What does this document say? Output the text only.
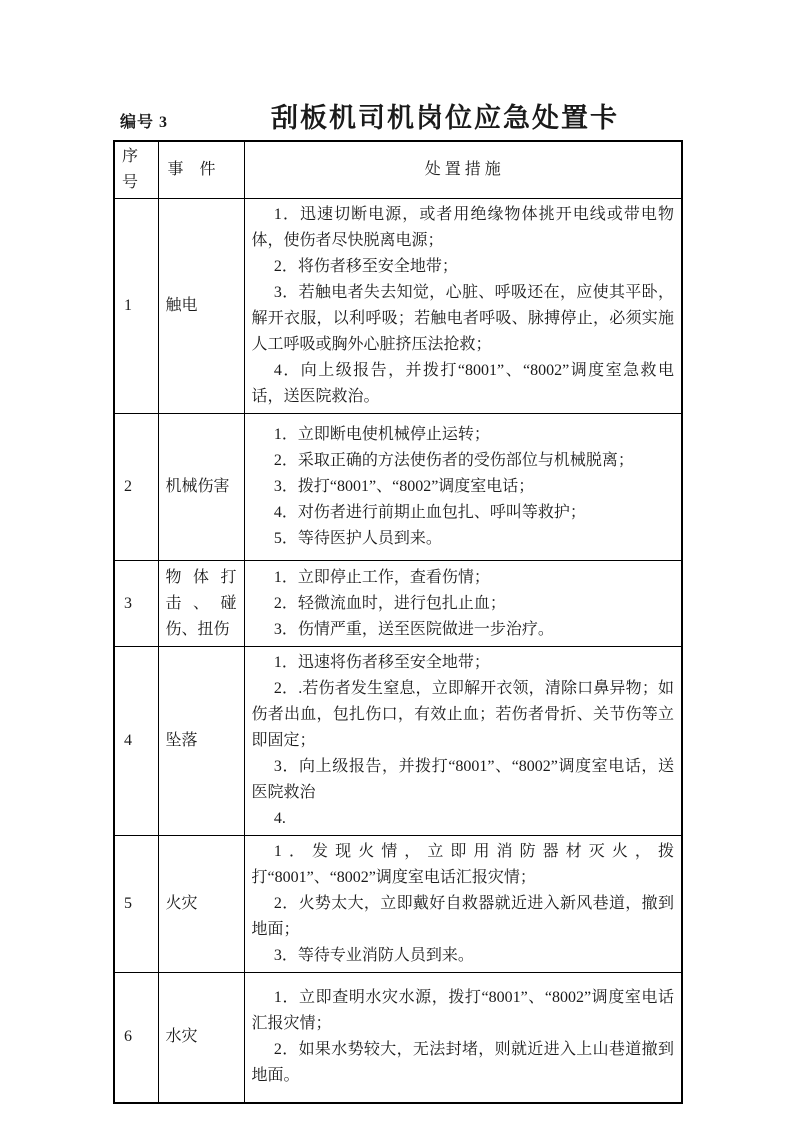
编号 3	刮板机司机岗位应急处置卡
序号	事　件	处 置 措 施
1	触电	1．迅速切断电源，或者用绝缘物体挑开电线或带电物体，使伤者尽快脱离电源；

2．将伤者移至安全地带；

3．若触电者失去知觉，心脏、呼吸还在，应使其平卧，解开衣服，以利呼吸；若触电者呼吸、脉搏停止，必须实施人工呼吸或胸外心脏挤压法抢救；

4．向上级报告，并拨打“8001”、“8002”调度室急救电话，送医院救治。

2	机械伤害	1．立即断电使机械停止运转；

2．采取正确的方法使伤者的受伤部位与机械脱离；

3．拨打“8001”、“8002”调度室电话；

4．对伤者进行前期止血包扎、呼叫等救护；

5．等待医护人员到来。

3	物体打击、碰伤、扭伤	1．立即停止工作，查看伤情；

2．轻微流血时，进行包扎止血；

3．伤情严重，送至医院做进一步治疗。

4	坠落	1．迅速将伤者移至安全地带；

2．.若伤者发生窒息，立即解开衣领，清除口鼻异物；如伤者出血，包扎伤口，有效止血；若伤者骨折、关节伤等立即固定；

3．向上级报告，并拨打“8001”、“8002”调度室电话，送医院救治

4.

5	火灾	1．发现火情，立即用消防器材灭火，拨打“8001”、“8002”调度室电话汇报灾情；

2．火势太大，立即戴好自救器就近进入新风巷道，撤到地面；

3．等待专业消防人员到来。

6	水灾	1．立即查明水灾水源，拨打“8001”、“8002”调度室电话汇报灾情；

2．如果水势较大，无法封堵，则就近进入上山巷道撤到地面。
